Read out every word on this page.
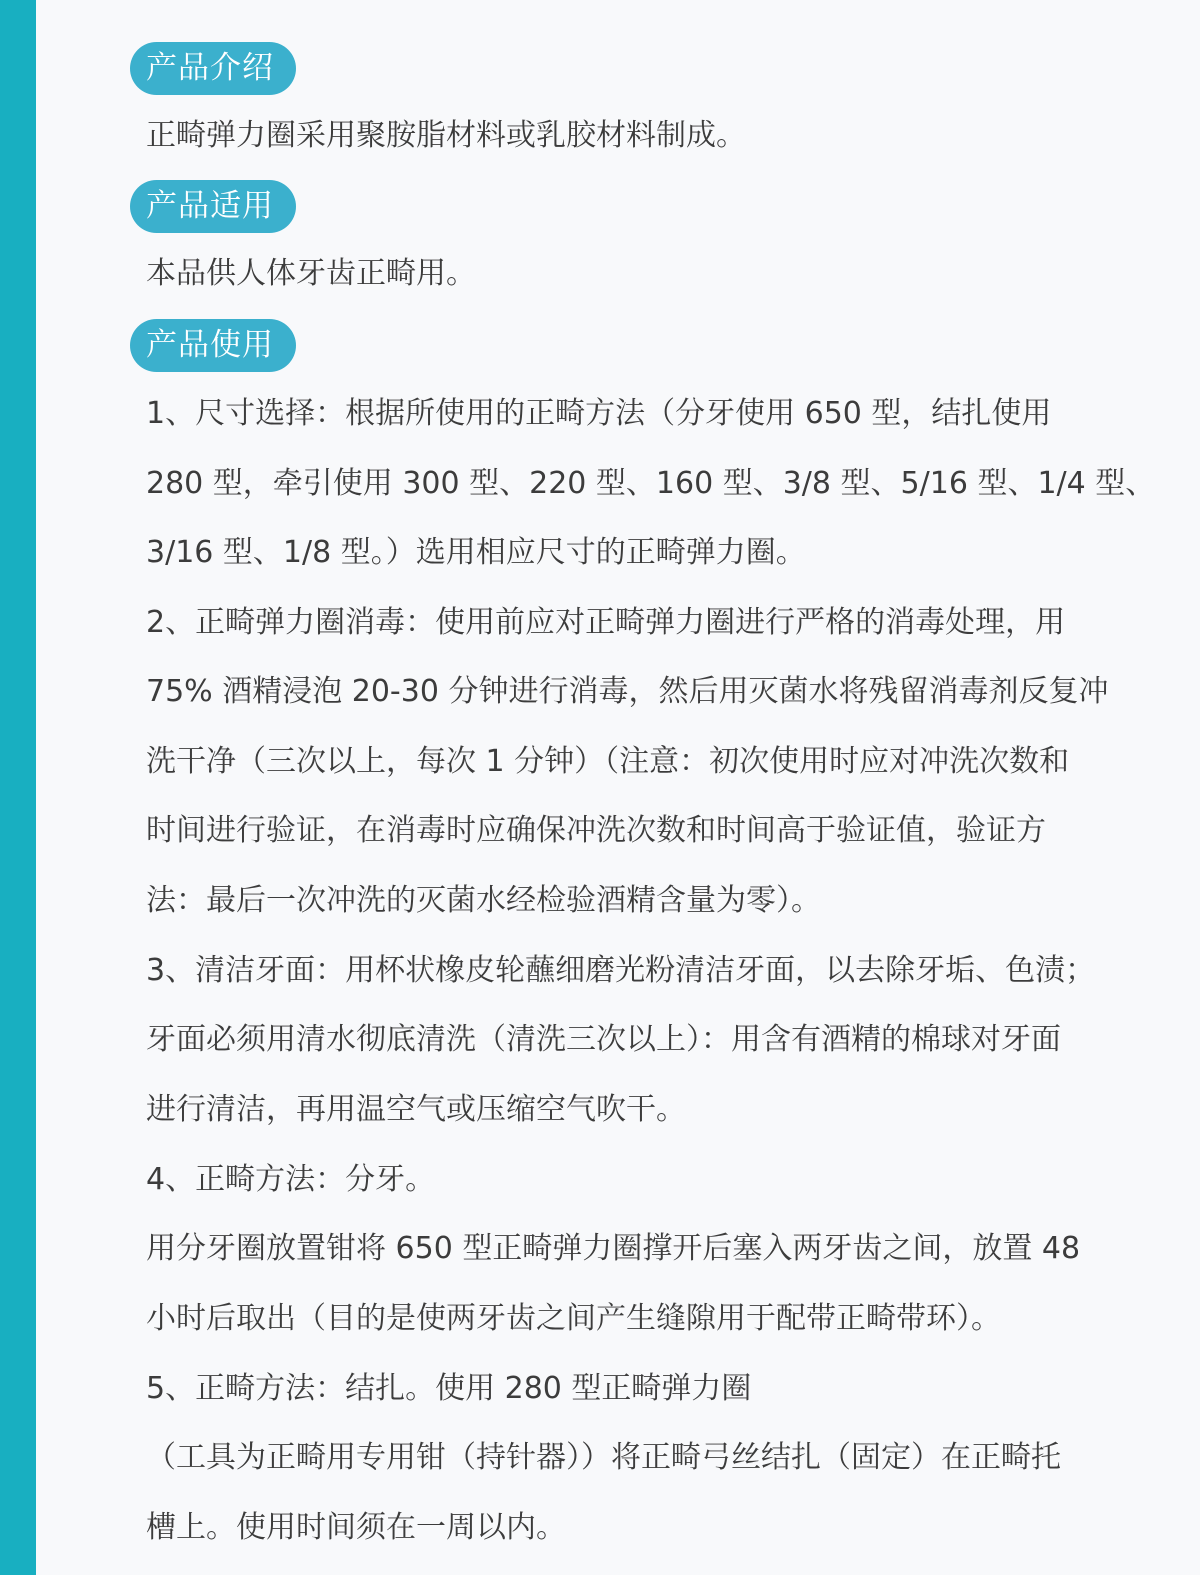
产品介绍
正畸弹力圈采用聚胺脂材料或乳胶材料制成。
产品适用
本品供人体牙齿正畸用。
产品使用
1、尺寸选择：根据所使用的正畸方法（分牙使用 650 型，结扎使用
280 型，牵引使用 300 型、220 型、160 型、3/8 型、5/16 型、1/4 型、
3/16 型、1/8 型。）选用相应尺寸的正畸弹力圈。
2、正畸弹力圈消毒：使用前应对正畸弹力圈进行严格的消毒处理，用
75% 酒精浸泡 20-30 分钟进行消毒，然后用灭菌水将残留消毒剂反复冲
洗干净（三次以上，每次 1 分钟）（注意：初次使用时应对冲洗次数和
时间进行验证，在消毒时应确保冲洗次数和时间高于验证值，验证方
法：最后一次冲洗的灭菌水经检验酒精含量为零）。
3、清洁牙面：用杯状橡皮轮蘸细磨光粉清洁牙面，以去除牙垢、色渍；
牙面必须用清水彻底清洗（清洗三次以上）：用含有酒精的棉球对牙面
进行清洁，再用温空气或压缩空气吹干。
4、正畸方法：分牙。
用分牙圈放置钳将 650 型正畸弹力圈撑开后塞入两牙齿之间，放置 48
小时后取出（目的是使两牙齿之间产生缝隙用于配带正畸带环）。
5、正畸方法：结扎。使用 280 型正畸弹力圈
（工具为正畸用专用钳（持针器））将正畸弓丝结扎（固定）在正畸托
槽上。使用时间须在一周以内。
